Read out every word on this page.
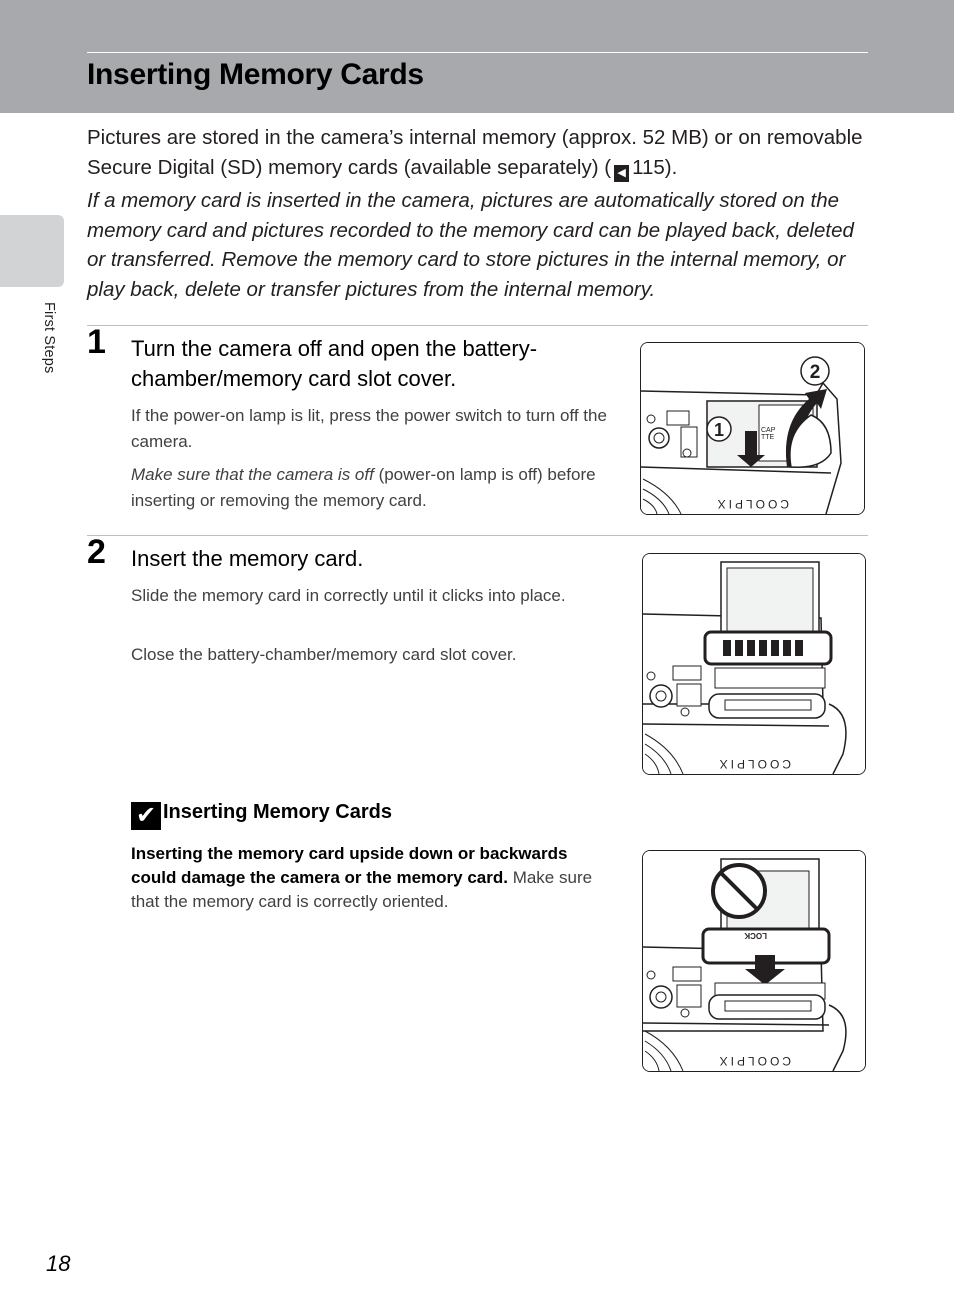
Inserting Memory Cards
First Steps

Pictures are stored in the camera’s internal memory (approx. 52 MB) or on removable Secure Digital (SD) memory cards (available separately) ( ◀ 115).

If a memory card is inserted in the camera, pictures are automatically stored on the memory card and pictures recorded to the memory card can be played back, deleted or transferred. Remove the memory card to store pictures in the internal memory, or play back, delete or transfer pictures from the internal memory.

1 Turn the camera off and open the battery-chamber/memory card slot cover.

If the power-on lamp is lit, press the power switch to turn off the camera.

Make sure that the camera is off (power-on lamp is off) before inserting or removing the memory card.

CAP
TTE
COOLPIX
1
2
2 Insert the memory card.

Slide the memory card in correctly until it clicks into place.

Close the battery-chamber/memory card slot cover.

COOLPIX
✔ Inserting Memory Cards

Inserting the memory card upside down or backwards could damage the camera or the memory card. Make sure that the memory card is correctly oriented.

LOCK
COOLPIX
18
